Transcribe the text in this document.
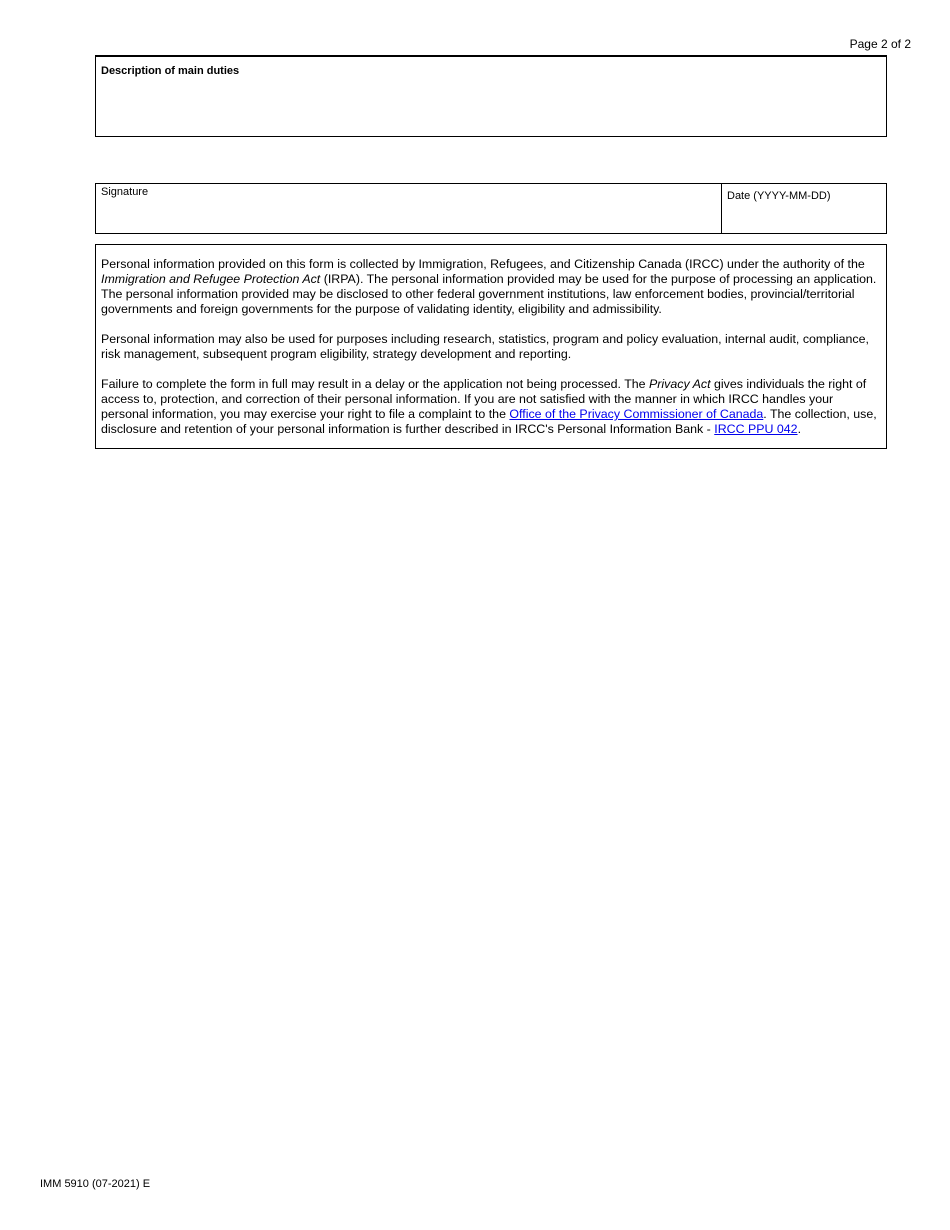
Page 2 of 2
Description of main duties
Signature	Date (YYYY-MM-DD)

Personal information provided on this form is collected by Immigration, Refugees, and Citizenship Canada (IRCC) under the authority of the Immigration and Refugee Protection Act (IRPA). The personal information provided may be used for the purpose of processing an application. The personal information provided may be disclosed to other federal government institutions, law enforcement bodies, provincial/territorial governments and foreign governments for the purpose of validating identity, eligibility and admissibility.

Personal information may also be used for purposes including research, statistics, program and policy evaluation, internal audit, compliance, risk management, subsequent program eligibility, strategy development and reporting.

Failure to complete the form in full may result in a delay or the application not being processed. The Privacy Act gives individuals the right of access to, protection, and correction of their personal information. If you are not satisfied with the manner in which IRCC handles your personal information, you may exercise your right to file a complaint to the Office of the Privacy Commissioner of Canada. The collection, use, disclosure and retention of your personal information is further described in IRCC's Personal Information Bank - IRCC PPU 042.

IMM 5910 (07-2021) E
